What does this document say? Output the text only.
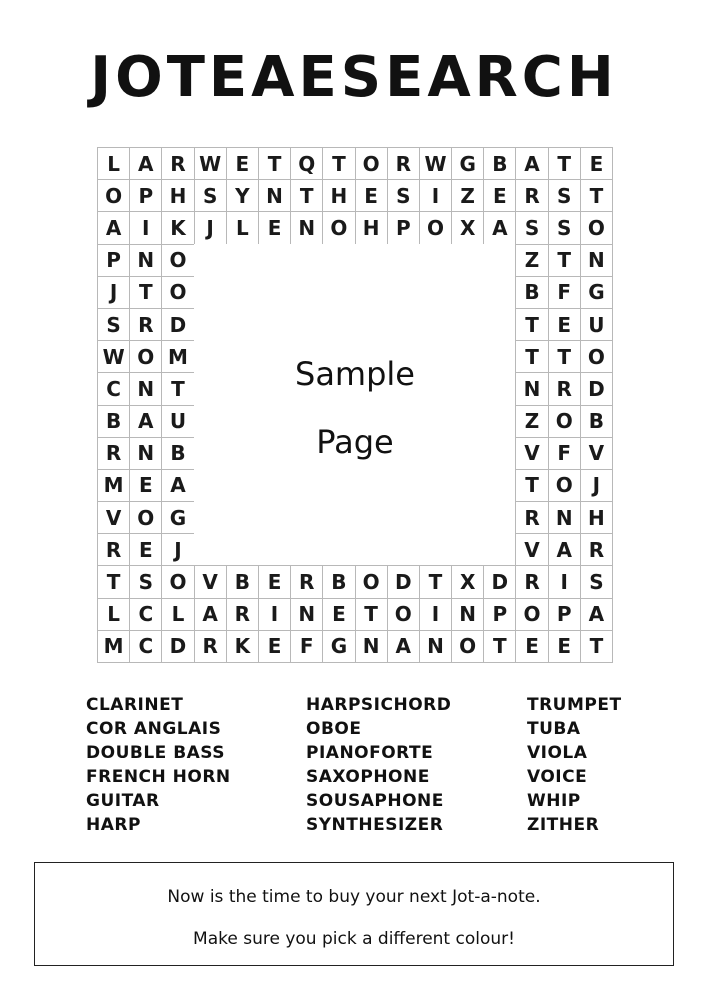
JOTEAESEARCH
L A R W E T Q T O R W G B A T E
O P H S Y N T H E S	I	Z E R S T
A	I	K	J	L E N O H P O X A S S O
P N O	Z T N
J	T O	B F G
S R D	T E U
W O M	T T O
C N T	N R D
B A U	Z O B
R N B	V F V
M E A	T O J
V O G	R N H
R E	J	V A R
T S O V B E R B O D T X D R	I	S
L C L A R	I	N E T O I	N P O P A
M C D R K E F G N A N O T E E T
Sample
Page
CLARINET
COR ANGLAIS
DOUBLE BASS
FRENCH HORN
GUITAR
HARP
HARPSICHORD
OBOE
PIANOFORTE
SAXOPHONE
SOUSAPHONE
SYNTHESIZER
TRUMPET
TUBA
VIOLA
VOICE
WHIP
ZITHER
Now is the time to buy your next Jot-a-note.
Make sure you pick a different colour!
